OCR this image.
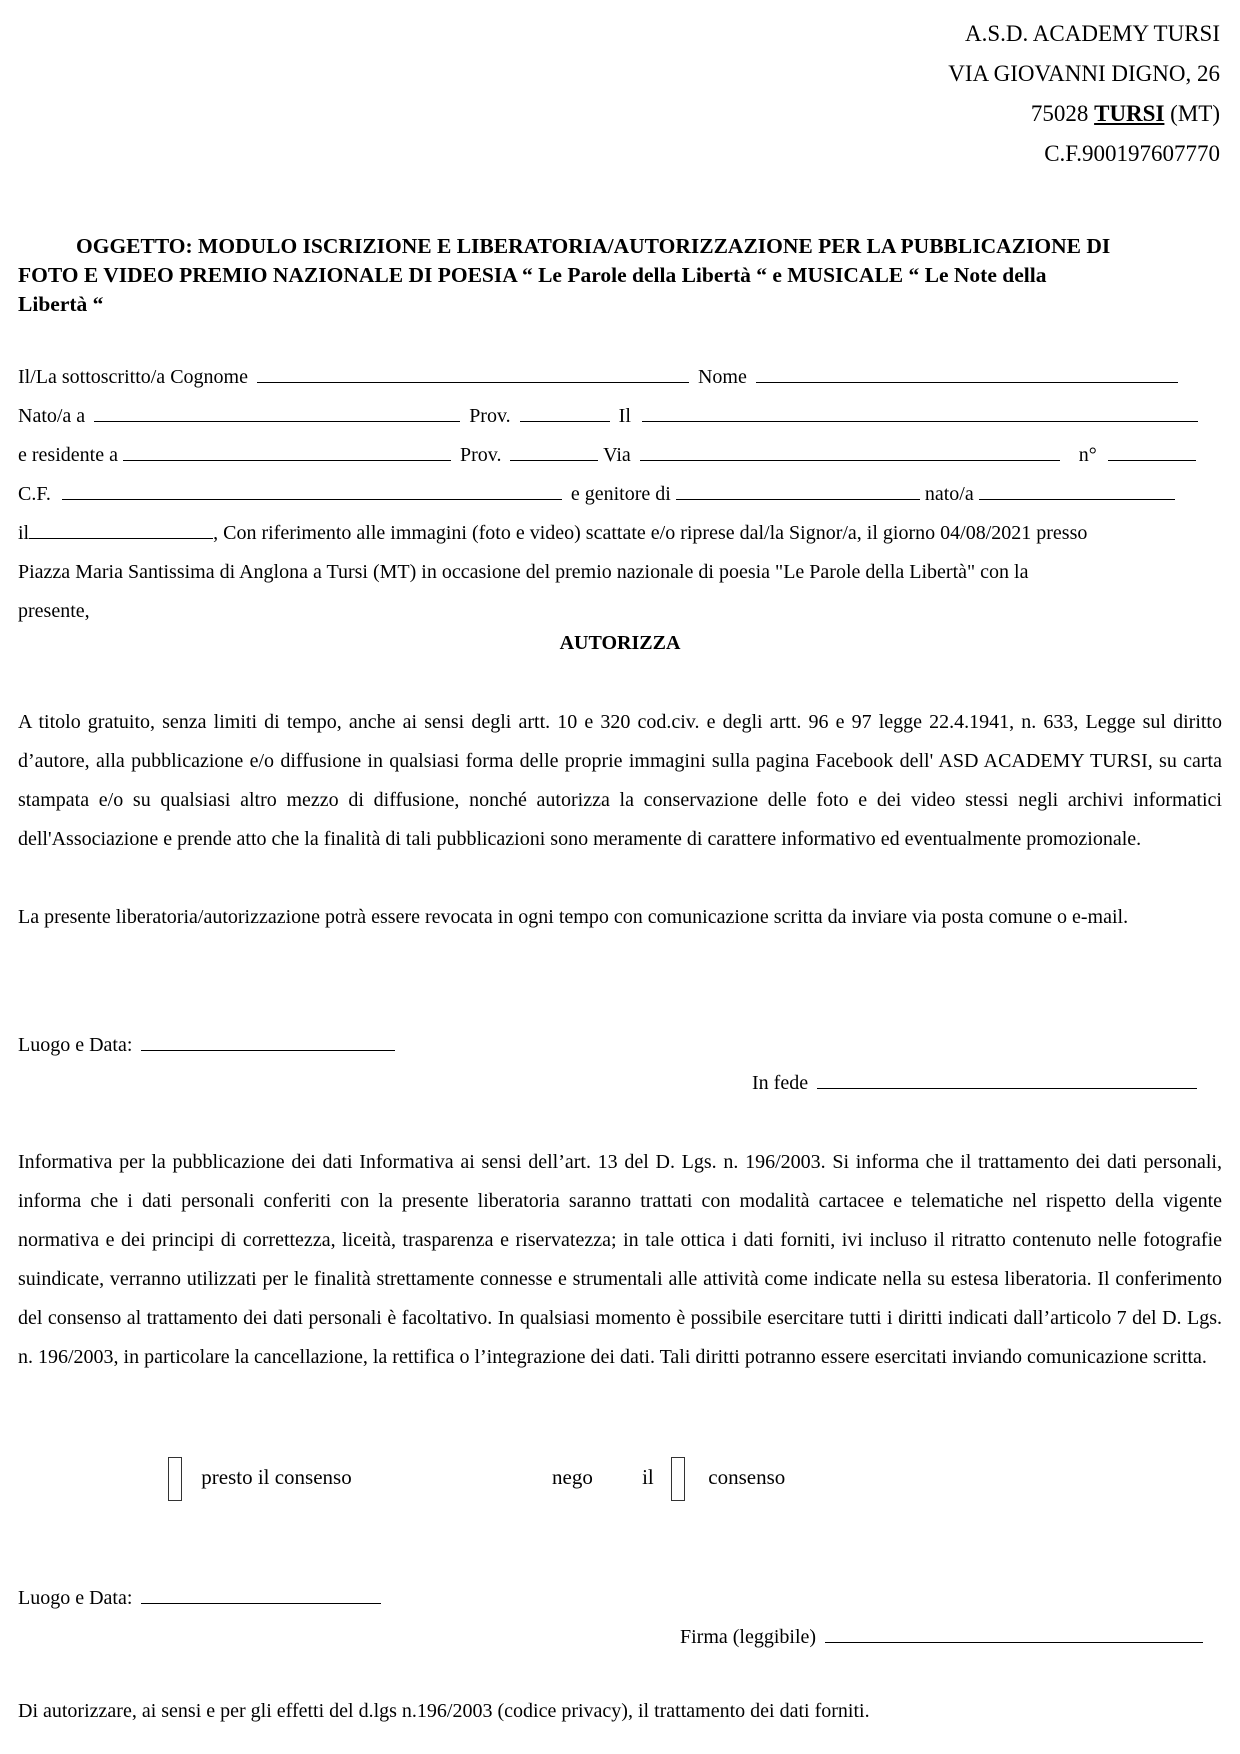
A.S.D. ACADEMY TURSI
VIA GIOVANNI DIGNO, 26
75028 TURSI (MT)
C.F.900197607770
OGGETTO: MODULO ISCRIZIONE E LIBERATORIA/AUTORIZZAZIONE PER LA PUBBLICAZIONE DI
FOTO E VIDEO PREMIO NAZIONALE DI POESIA “ Le Parole della Libertà “ e MUSICALE “ Le Note della
Libertà “
Il/La sottoscritto/a Cognome	Nome
Nato/a a	Prov.	Il
e residente a	Prov.	Via	n°
C.F.	e genitore di	nato/a
il	, Con riferimento alle immagini (foto e video) scattate e/o riprese dal/la Signor/a, il giorno 04/08/2021 presso
Piazza Maria Santissima di Anglona a Tursi (MT) in occasione del premio nazionale di poesia "Le Parole della Libertà" con la
presente,
AUTORIZZA
A titolo gratuito, senza limiti di tempo, anche ai sensi degli artt. 10 e 320 cod.civ. e degli artt. 96 e 97 legge 22.4.1941, n. 633, Legge sul diritto d’autore, alla pubblicazione e/o diffusione in qualsiasi forma delle proprie immagini sulla pagina Facebook dell' ASD ACADEMY TURSI, su carta stampata e/o su qualsiasi altro mezzo di diffusione, nonché autorizza la conservazione delle foto e dei video stessi negli archivi informatici dell'Associazione e prende atto che la finalità di tali pubblicazioni sono meramente di carattere informativo ed eventualmente promozionale.
La presente liberatoria/autorizzazione potrà essere revocata in ogni tempo con comunicazione scritta da inviare via posta comune o e-mail.
Luogo e Data:
In fede
Informativa per la pubblicazione dei dati Informativa ai sensi dell’art. 13 del D. Lgs. n. 196/2003. Si informa che il trattamento dei dati personali, informa che i dati personali conferiti con la presente liberatoria saranno trattati con modalità cartacee e telematiche nel rispetto della vigente normativa e dei principi di correttezza, liceità, trasparenza e riservatezza; in tale ottica i dati forniti, ivi incluso il ritratto contenuto nelle fotografie suindicate, verranno utilizzati per le finalità strettamente connesse e strumentali alle attività come indicate nella su estesa liberatoria. Il conferimento del consenso al trattamento dei dati personali è facoltativo. In qualsiasi momento è possibile esercitare tutti i diritti indicati dall’articolo 7 del D. Lgs. n. 196/2003, in particolare la cancellazione, la rettifica o l’integrazione dei dati. Tali diritti potranno essere esercitati inviando comunicazione scritta.
presto il consenso	nego il	consenso
Luogo e Data:
Firma (leggibile)
Di autorizzare, ai sensi e per gli effetti del d.lgs n.196/2003 (codice privacy), il trattamento dei dati forniti.
